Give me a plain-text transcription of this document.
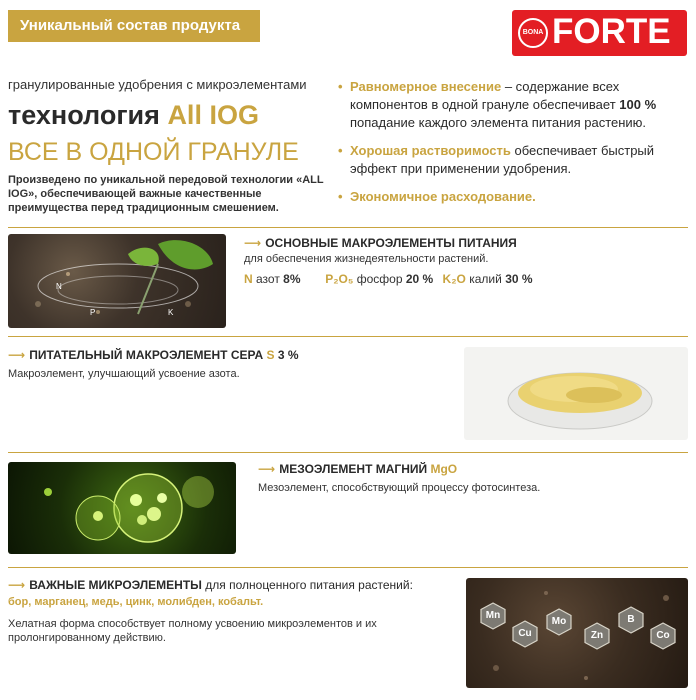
Уникальный состав продукта	BONA FORTE
гранулированные удобрения с микроэлементами
технология All IOG
ВСЕ В ОДНОЙ ГРАНУЛЕ
Произведено по уникальной передовой технологии «ALL IOG», обеспечивающей важные качественные преимущества перед традиционным смешением.
• Равномерное внесение – содержание всех компонентов в одной грануле обеспечивает 100 % попадание каждого элемента питания растению.
• Хорошая растворимость обеспечивает быстрый эффект при применении удобрения.
• Экономичное расходование.
N
P	K
⟶ ОСНОВНЫЕ МАКРОЭЛЕМЕНТЫ ПИТАНИЯ
для обеспечения жизнедеятельности растений.
N азот 8% P₂O₅ фосфор 20 % K₂O калий 30 %
⟶ ПИТАТЕЛЬНЫЙ МАКРОЭЛЕМЕНТ СЕРА S 3 %
Макроэлемент, улучшающий усвоение азота.
⟶ МЕЗОЭЛЕМЕНТ МАГНИЙ MgO
Мезоэлемент, способствующий процессу фотосинтеза.
⟶ ВАЖНЫЕ МИКРОЭЛЕМЕНТЫ для полноценного питания растений:
бор, марганец, медь, цинк, молибден, кобальт.
Хелатная форма способствует полному усвоению микроэлементов и их пролонгированному действию.
Mn
Cu
Mo
Zn
B
Co
